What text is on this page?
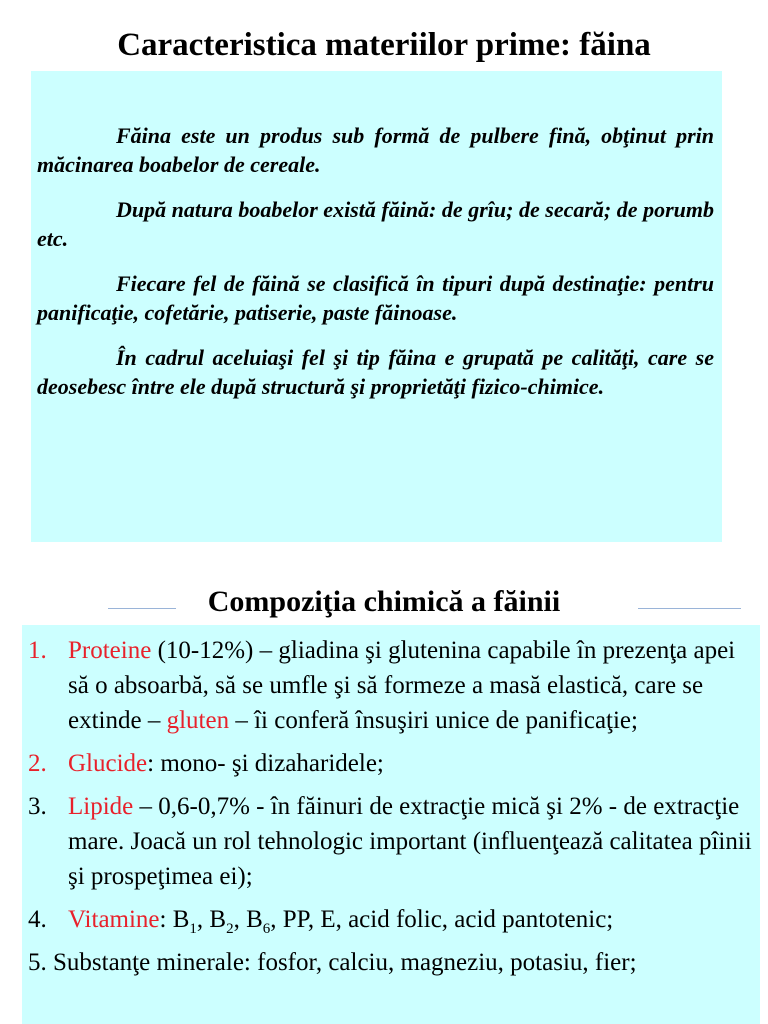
Caracteristica materiilor prime: făina

Făina este un produs sub formă de pulbere fină, obţinut prin măcinarea boabelor de cereale.

După natura boabelor există făină: de grîu; de secară; de porumb etc.

Fiecare fel de făină se clasifică în tipuri după destinaţie: pentru panificaţie, cofetărie, patiserie, paste făinoase.

În cadrul aceluiaşi fel şi tip făina e grupată pe calităţi, care se deosebesc între ele după structură şi proprietăţi fizico-chimice.

Compoziţia chimică a făinii
1. Proteine (10-12%) – gliadina şi glutenina capabile în prezenţa apei să o absoarbă, să se umfle şi să formeze a masă elastică, care se extinde – gluten – îi conferă însuşiri unice de panificaţie;
2. Glucide: mono- şi dizaharidele;
3. Lipide – 0,6-0,7% - în făinuri de extracţie mică şi 2% - de extracţie mare. Joacă un rol tehnologic important (influenţează calitatea pîinii şi prospeţimea ei);
4. Vitamine: $B_1$, $B_2$, $B_6$, PP, E, acid folic, acid pantotenic;
5. Substanţe minerale: fosfor, calciu, magneziu, potasiu, fier;
